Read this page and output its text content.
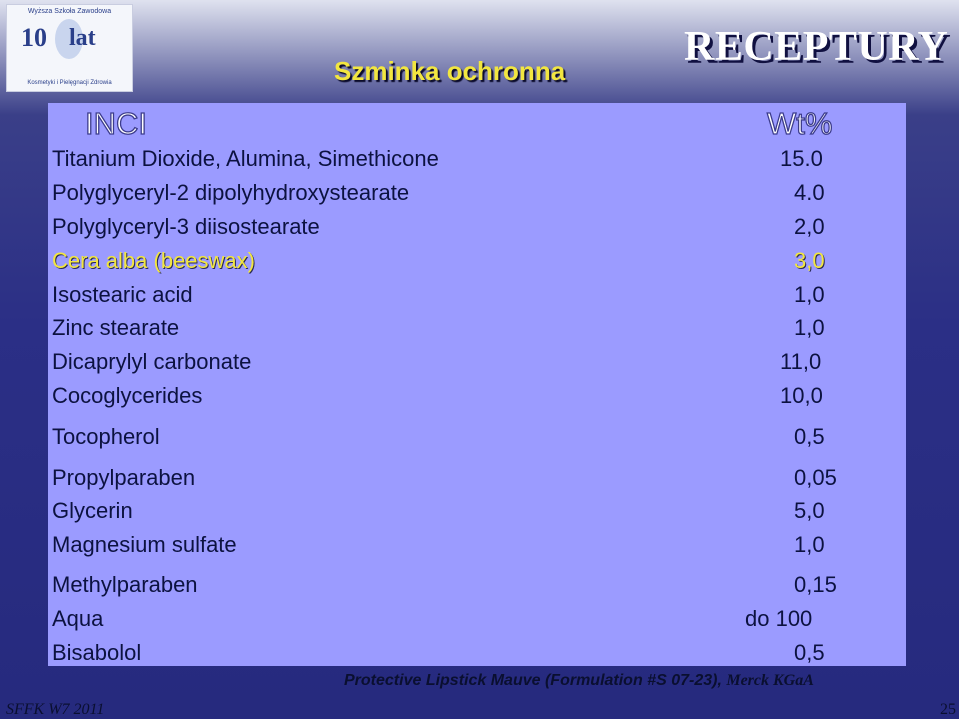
Wyższa Szkoła Zawodowa
10 lat
Kosmetyki i Pielęgnacji Zdrowia	Szminka ochronna
RECEPTURY
INCI	Wt%
Titanium Dioxide, Alumina, Simethicone	15.0
Polyglyceryl-2 dipolyhydroxystearate	4.0
Polyglyceryl-3 diisostearate	2,0
Cera alba (beeswax)	3,0
Isostearic acid	1,0
Zinc stearate	1,0
Dicaprylyl carbonate	11,0
Cocoglycerides	10,0
Tocopherol	0,5
Propylparaben	0,05
Glycerin	5,0
Magnesium sulfate	1,0
Methylparaben	0,15
Aqua	do 100
Bisabolol	0,5
Protective Lipstick Mauve (Formulation #S 07-23), Merck KGaA
SFFK W7 2011	25
